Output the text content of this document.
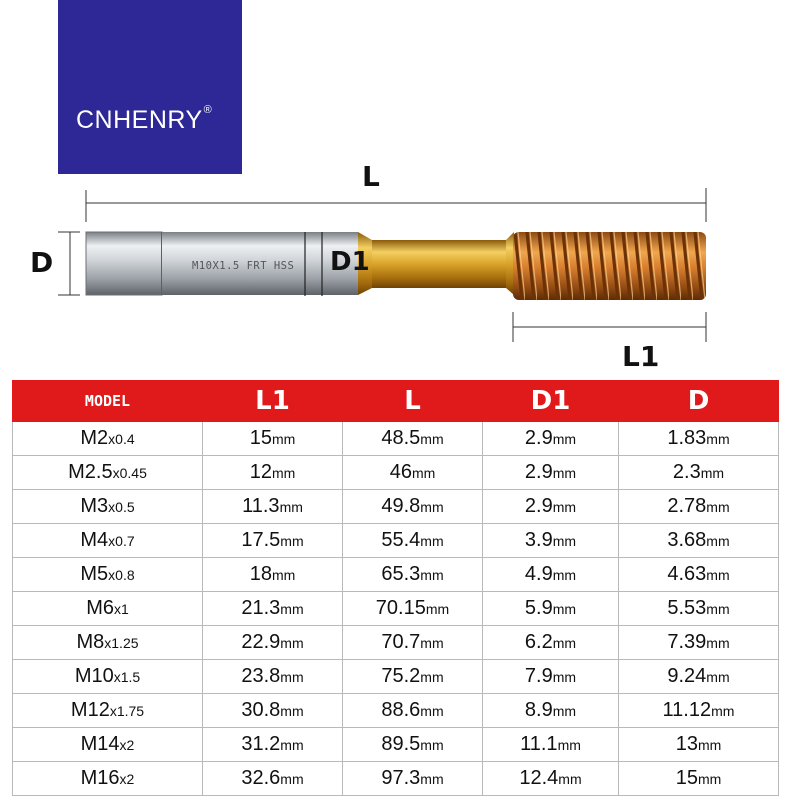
CNHENRY®
M10X1.5 FRT HSS
L
D	D1
L1
MODEL	L1	L	D1	D
M2x0.4	15mm	48.5mm	2.9mm	1.83mm
M2.5x0.45	12mm	46mm	2.9mm	2.3mm
M3x0.5	11.3mm	49.8mm	2.9mm	2.78mm
M4x0.7	17.5mm	55.4mm	3.9mm	3.68mm
M5x0.8	18mm	65.3mm	4.9mm	4.63mm
M6x1	21.3mm	70.15mm	5.9mm	5.53mm
M8x1.25	22.9mm	70.7mm	6.2mm	7.39mm
M10x1.5	23.8mm	75.2mm	7.9mm	9.24mm
M12x1.75	30.8mm	88.6mm	8.9mm	11.12mm
M14x2	31.2mm	89.5mm	11.1mm	13mm
M16x2	32.6mm	97.3mm	12.4mm	15mm
